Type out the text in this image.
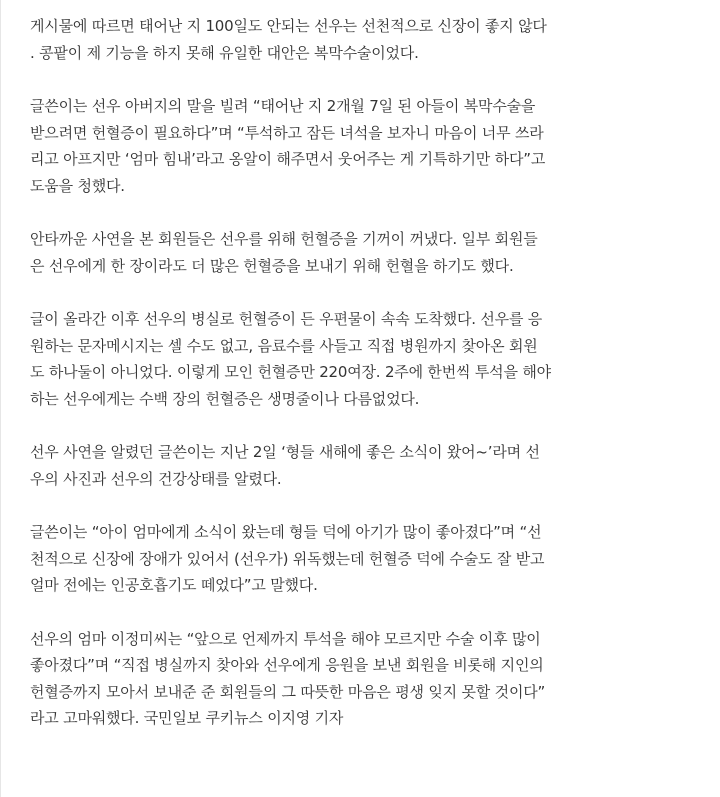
게시물에 따르면 태어난 지 100일도 안되는 선우는 선천적으로 신장이 좋지 않다
. 콩팥이 제 기능을 하지 못해 유일한 대안은 복막수술이었다.

글쓴이는 선우 아버지의 말을 빌려 “태어난 지 2개월 7일 된 아들이 복막수술을
받으려면 헌혈증이 필요하다”며 “투석하고 잠든 녀석을 보자니 마음이 너무 쓰라
리고 아프지만 ‘엄마 힘내’라고 옹알이 해주면서 웃어주는 게 기특하기만 하다”고
도움을 청했다.

안타까운 사연을 본 회원들은 선우를 위해 헌혈증을 기꺼이 꺼냈다. 일부 회원들
은 선우에게 한 장이라도 더 많은 헌혈증을 보내기 위해 헌혈을 하기도 했다.

글이 올라간 이후 선우의 병실로 헌혈증이 든 우편물이 속속 도착했다. 선우를 응
원하는 문자메시지는 셀 수도 없고, 음료수를 사들고 직접 병원까지 찾아온 회원
도 하나둘이 아니었다. 이렇게 모인 헌혈증만 220여장. 2주에 한번씩 투석을 해야
하는 선우에게는 수백 장의 헌혈증은 생명줄이나 다름없었다.

선우 사연을 알렸던 글쓴이는 지난 2일 ‘형들 새해에 좋은 소식이 왔어~’라며 선
우의 사진과 선우의 건강상태를 알렸다.

글쓴이는 “아이 엄마에게 소식이 왔는데 형들 덕에 아기가 많이 좋아졌다”며 “선
천적으로 신장에 장애가 있어서 (선우가) 위독했는데 헌혈증 덕에 수술도 잘 받고
얼마 전에는 인공호흡기도 떼었다”고 말했다.

선우의 엄마 이정미씨는 “앞으로 언제까지 투석을 해야 모르지만 수술 이후 많이
좋아졌다”며 “직접 병실까지 찾아와 선우에게 응원을 보낸 회원을 비롯해 지인의
헌혈증까지 모아서 보내준 준 회원들의 그 따뜻한 마음은 평생 잊지 못할 것이다”
라고 고마워했다. 국민일보 쿠키뉴스 이지영 기자
